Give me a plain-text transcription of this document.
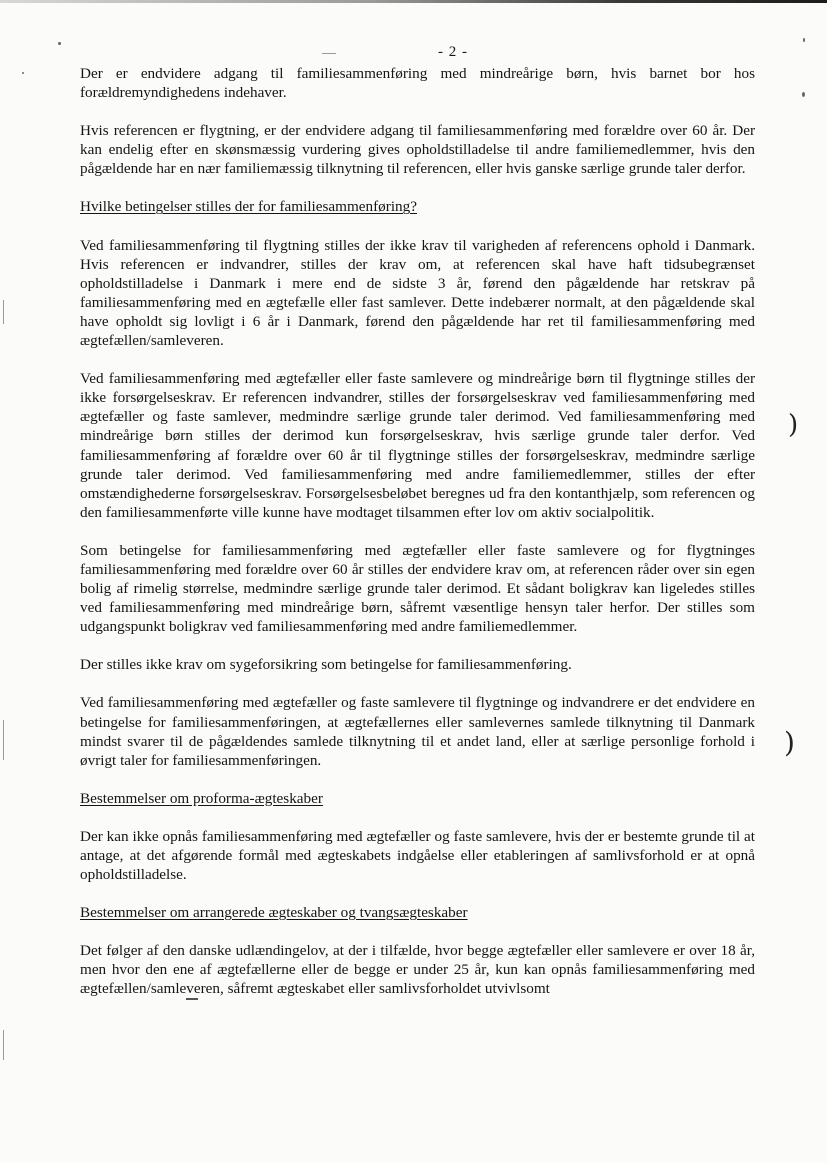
- 2 -

Der er endvidere adgang til familiesammenføring med mindreårige børn, hvis barnet bor hos forældremyndighedens indehaver.

Hvis referencen er flygtning, er der endvidere adgang til familiesammenføring med forældre over 60 år. Der kan endelig efter en skønsmæssig vurdering gives opholdstilladelse til andre familiemedlemmer, hvis den pågældende har en nær familiemæssig tilknytning til referencen, eller hvis ganske særlige grunde taler derfor.

Hvilke betingelser stilles der for familiesammenføring?

Ved familiesammenføring til flygtning stilles der ikke krav til varigheden af referencens ophold i Danmark. Hvis referencen er indvandrer, stilles der krav om, at referencen skal have haft tidsubegrænset opholdstilladelse i Danmark i mere end de sidste 3 år, førend den pågældende har retskrav på familiesammenføring med en ægtefælle eller fast samlever. Dette indebærer normalt, at den pågældende skal have opholdt sig lovligt i 6 år i Danmark, førend den pågældende har ret til familiesammenføring med ægtefællen/samleveren.

Ved familiesammenføring med ægtefæller eller faste samlevere og mindreårige børn til flygtninge stilles der ikke forsørgelseskrav. Er referencen indvandrer, stilles der forsørgelseskrav ved familiesammenføring med ægtefæller og faste samlever, medmindre særlige grunde taler derimod. Ved familiesammenføring med mindreårige børn stilles der derimod kun forsørgelseskrav, hvis særlige grunde taler derfor. Ved familiesammenføring af forældre over 60 år til flygtninge stilles der forsørgelseskrav, medmindre særlige grunde taler derimod. Ved familiesammenføring med andre familiemedlemmer, stilles der efter omstændighederne forsørgelseskrav. Forsørgelsesbeløbet beregnes ud fra den kontanthjælp, som referencen og den familiesammenførte ville kunne have modtaget tilsammen efter lov om aktiv socialpolitik.

Som betingelse for familiesammenføring med ægtefæller eller faste samlevere og for flygtninges familiesammenføring med forældre over 60 år stilles der endvidere krav om, at referencen råder over sin egen bolig af rimelig størrelse, medmindre særlige grunde taler derimod. Et sådant boligkrav kan ligeledes stilles ved familiesammenføring med mindreårige børn, såfremt væsentlige hensyn taler herfor. Der stilles som udgangspunkt boligkrav ved familiesammenføring med andre familiemedlemmer.

Der stilles ikke krav om sygeforsikring som betingelse for familiesammenføring.

Ved familiesammenføring med ægtefæller og faste samlevere til flygtninge og indvandrere er det endvidere en betingelse for familiesammenføringen, at ægtefællernes eller samlevernes samlede tilknytning til Danmark mindst svarer til de pågældendes samlede tilknytning til et andet land, eller at særlige personlige forhold i øvrigt taler for familiesammenføringen.

Bestemmelser om proforma-ægteskaber

Der kan ikke opnås familiesammenføring med ægtefæller og faste samlevere, hvis der er bestemte grunde til at antage, at det afgørende formål med ægteskabets indgåelse eller etableringen af samlivsforhold er at opnå opholdstilladelse.

Bestemmelser om arrangerede ægteskaber og tvangsægteskaber

Det følger af den danske udlændingelov, at der i tilfælde, hvor begge ægtefæller eller samlevere er over 18 år, men hvor den ene af ægtefællerne eller de begge er under 25 år, kun kan opnås familiesammenføring med ægtefællen/samleveren, såfremt ægteskabet eller samlivsforholdet utvivlsomt

)
)
